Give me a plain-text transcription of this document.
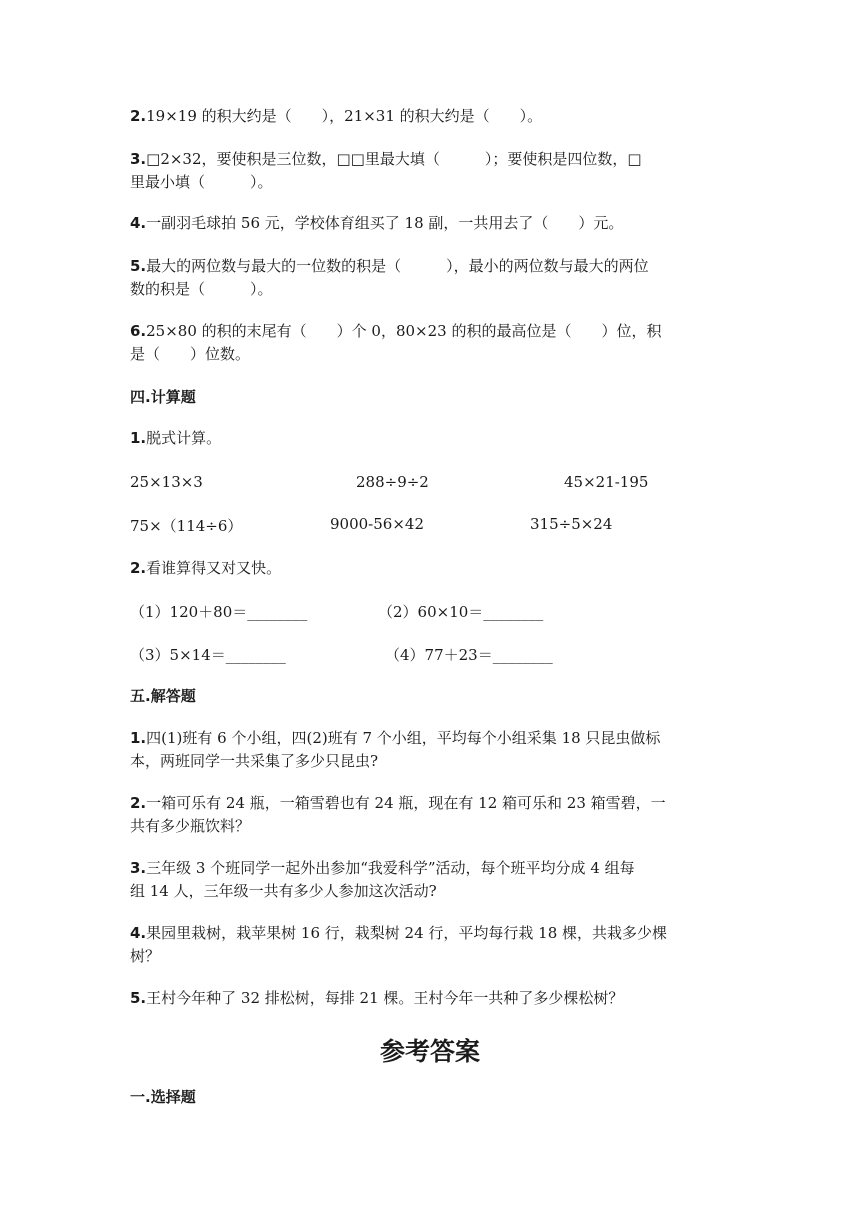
2.19×19 的积大约是（　　），21×31 的积大约是（　　）。
3.□2×32，要使积是三位数，□□里最大填（　　　）；要使积是四位数，□
里最小填（　　　）。
4.一副羽毛球拍 56 元，学校体育组买了 18 副，一共用去了（　　）元。
5.最大的两位数与最大的一位数的积是（　　　），最小的两位数与最大的两位
数的积是（　　　）。
6.25×80 的积的末尾有（　　）个 0，80×23 的积的最高位是（　　）位，积
是（　　）位数。
四.计算题
1.脱式计算。
25×13×3	288÷9÷2	45×21-195
75×（114÷6）	9000-56×42	315÷5×24
2.看谁算得又对又快。
（1）120＋80＝________	（2）60×10＝________
（3）5×14＝________	（4）77＋23＝________
五.解答题
1.四(1)班有 6 个小组，四(2)班有 7 个小组，平均每个小组采集 18 只昆虫做标
本，两班同学一共采集了多少只昆虫?
2.一箱可乐有 24 瓶，一箱雪碧也有 24 瓶，现在有 12 箱可乐和 23 箱雪碧，一
共有多少瓶饮料？
3.三年级 3 个班同学一起外出参加“我爱科学”活动，每个班平均分成 4 组每
组 14 人，三年级一共有多少人参加这次活动?
4.果园里栽树，栽苹果树 16 行，栽梨树 24 行，平均每行栽 18 棵，共栽多少棵
树？
5.王村今年种了 32 排松树，每排 21 棵。王村今年一共种了多少棵松树？
参考答案
一.选择题
